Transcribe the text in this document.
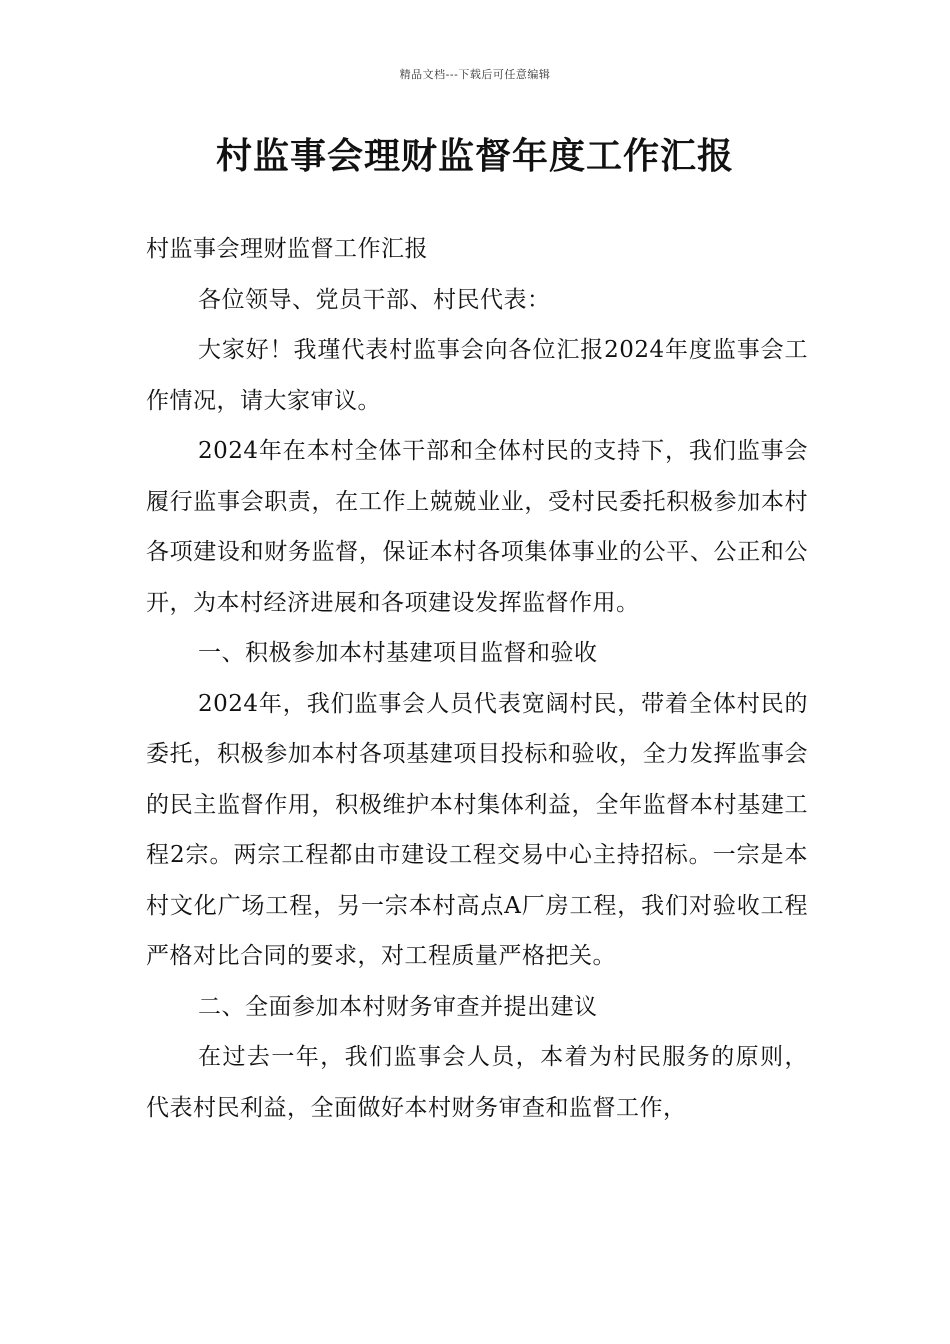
精品文档---下载后可任意编辑
村监事会理财监督年度工作汇报

村监事会理财监督工作汇报

各位领导、党员干部、村民代表：

大家好！我瑾代表村监事会向各位汇报2024年度监事会工作情况，请大家审议。

2024年在本村全体干部和全体村民的支持下，我们监事会履行监事会职责，在工作上兢兢业业，受村民委托积极参加本村各项建设和财务监督，保证本村各项集体事业的公平、公正和公开，为本村经济进展和各项建设发挥监督作用。

一、积极参加本村基建项目监督和验收

2024年，我们监事会人员代表宽阔村民，带着全体村民的委托，积极参加本村各项基建项目投标和验收，全力发挥监事会的民主监督作用，积极维护本村集体利益，全年监督本村基建工程2宗。两宗工程都由市建设工程交易中心主持招标。一宗是本村文化广场工程，另一宗本村高点A厂房工程，我们对验收工程严格对比合同的要求，对工程质量严格把关。

二、全面参加本村财务审查并提出建议

在过去一年，我们监事会人员，本着为村民服务的原则，代表村民利益，全面做好本村财务审查和监督工作，
